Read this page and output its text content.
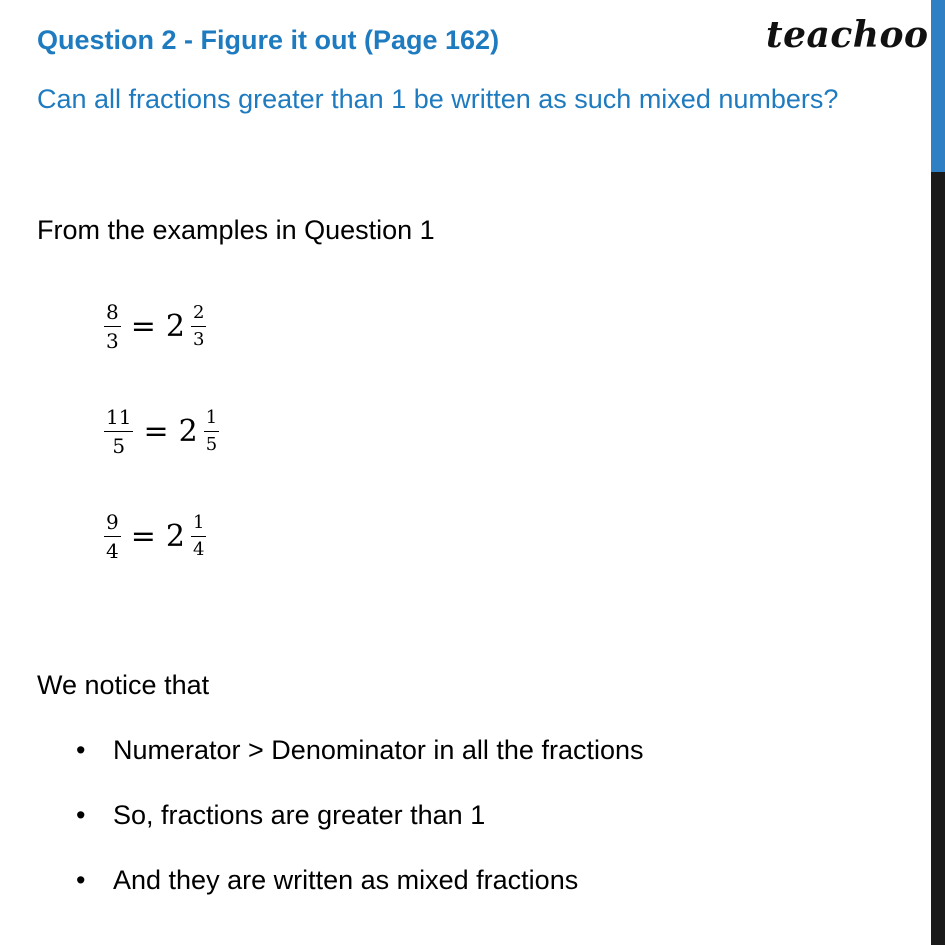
Question 2 - Figure it out (Page 162)
Can all fractions greater than 1 be written as such mixed numbers?
teachoo
From the examples in Question 1
$\frac{8}{3} = 2 \frac{2}{3}$
$\frac{11}{5} = 2 \frac{1}{5}$
$\frac{9}{4} = 2 \frac{1}{4}$
We notice that
•	Numerator > Denominator in all the fractions
•	So, fractions are greater than 1
•	And they are written as mixed fractions
